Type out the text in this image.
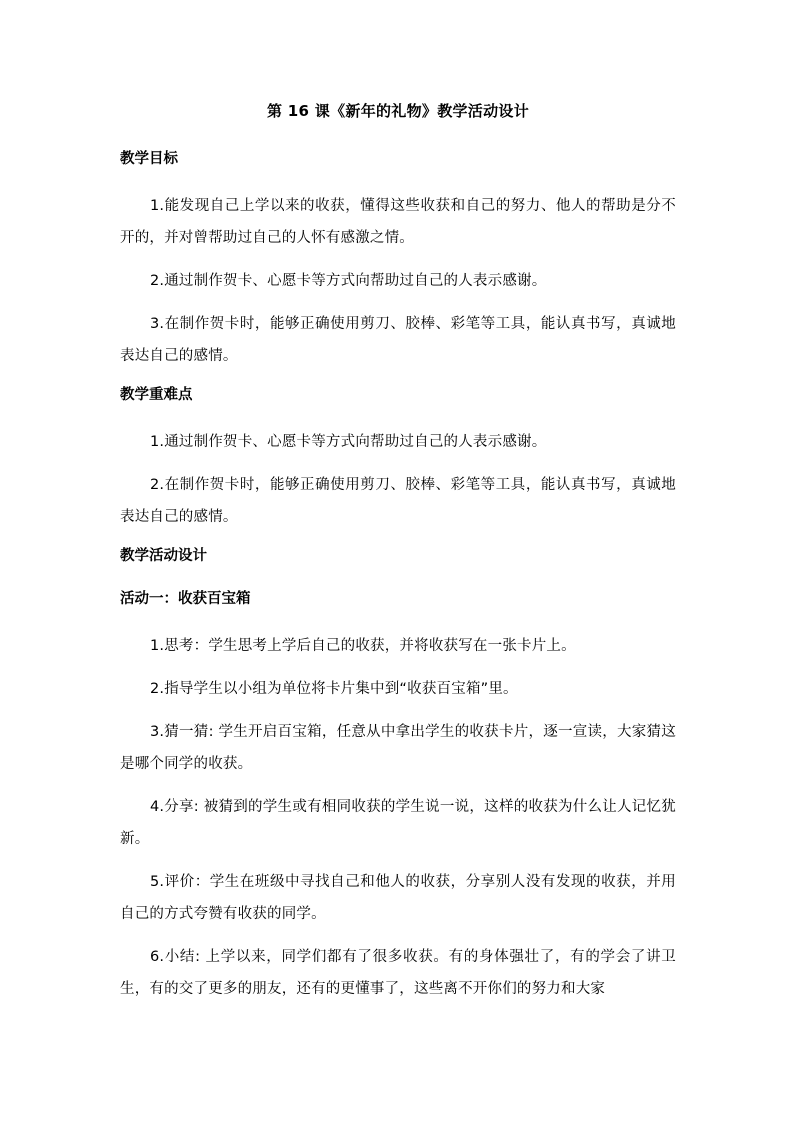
第 16 课《新年的礼物》教学活动设计
教学目标

1.能发现自己上学以来的收获，懂得这些收获和自己的努力、他人的帮助是分不开的，并对曾帮助过自己的人怀有感激之情。

2.通过制作贺卡、心愿卡等方式向帮助过自己的人表示感谢。

3.在制作贺卡时，能够正确使用剪刀、胶棒、彩笔等工具，能认真书写，真诚地表达自己的感情。

教学重难点

1.通过制作贺卡、心愿卡等方式向帮助过自己的人表示感谢。

2.在制作贺卡时，能够正确使用剪刀、胶棒、彩笔等工具，能认真书写，真诚地表达自己的感情。

教学活动设计
活动一：收获百宝箱

1.思考：学生思考上学后自己的收获，并将收获写在一张卡片上。

2.指导学生以小组为单位将卡片集中到“收获百宝箱”里。

3.猜一猜: 学生开启百宝箱，任意从中拿出学生的收获卡片，逐一宣读，大家猜这是哪个同学的收获。

4.分享: 被猜到的学生或有相同收获的学生说一说，这样的收获为什么让人记忆犹新。

5.评价：学生在班级中寻找自己和他人的收获，分享别人没有发现的收获，并用自己的方式夸赞有收获的同学。

6.小结: 上学以来，同学们都有了很多收获。有的身体强壮了，有的学会了讲卫生，有的交了更多的朋友，还有的更懂事了，这些离不开你们的努力和大家
